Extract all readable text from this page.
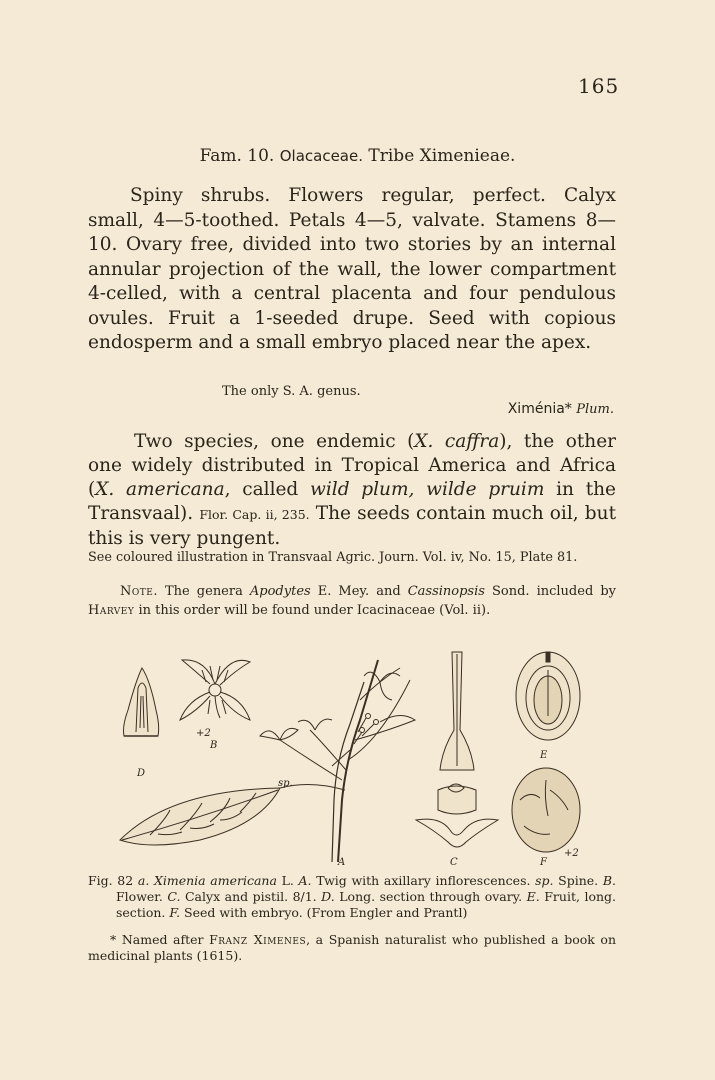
165
Fam. 10. Olacaceae. Tribe Ximenieae.
Spiny shrubs. Flowers regular, perfect. Calyx small, 4—5-toothed. Petals 4—5, valvate. Stamens 8—10. Ovary free, divided into two stories by an internal annular projection of the wall, the lower compartment 4-celled, with a central placenta and four pendulous ovules. Fruit a 1-seeded drupe. Seed with copious endosperm and a small embryo placed near the apex.
The only S. A. genus.
Ximénia* Plum.
Two species, one endemic (X. caffra), the other one widely distributed in Tropical America and Africa (X. americana, called wild plum, wilde pruim in the Transvaal). Flor. Cap. ii, 235. The seeds contain much oil, but this is very pungent.
See coloured illustration in Transvaal Agric. Journ. Vol. iv, No. 15, Plate 81.
Note. The genera Apodytes E. Mey. and Cassinopsis Sond. included by Harvey in this order will be found under Icacinaceae (Vol. ii).
D
B
+2
sp.
A	C
E
F
+2
Fig. 82 a. Ximenia americana L. A. Twig with axillary inflorescences. sp. Spine. B. Flower. C. Calyx and pistil. 8/1. D. Long. section through ovary. E. Fruit, long. section. F. Seed with embryo. (From Engler and Prantl)
* Named after Franz Ximenes, a Spanish naturalist who published a book on medicinal plants (1615).
